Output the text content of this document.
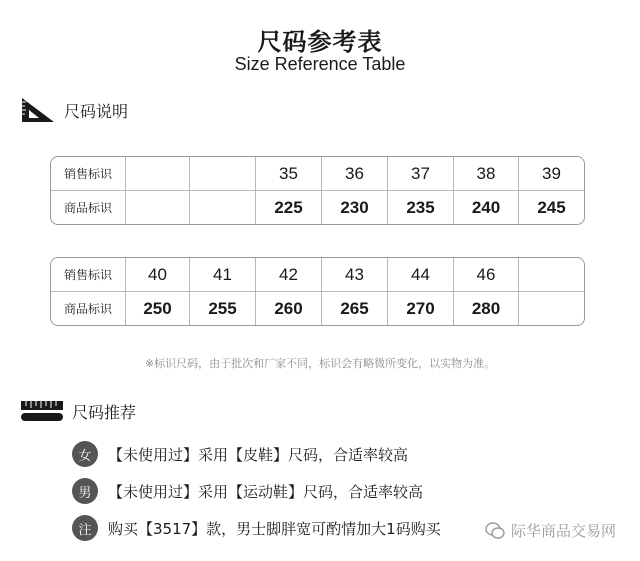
尺码参考表
Size Reference Table
尺码说明
销售标识			35	36	37	38	39
商品标识			225	230	235	240	245
销售标识	40	41	42	43	44	46	
商品标识	250	255	260	265	270	280	
※标识尺码，由于批次和厂家不同，标识会有略微所变化，以实物为准。
尺码推荐
女	【未使用过】采用【皮鞋】尺码，合适率较高
男	【未使用过】采用【运动鞋】尺码，合适率较高
注	购买【3517】款，男士脚胖宽可酌情加大1码购买	际华商品交易网
